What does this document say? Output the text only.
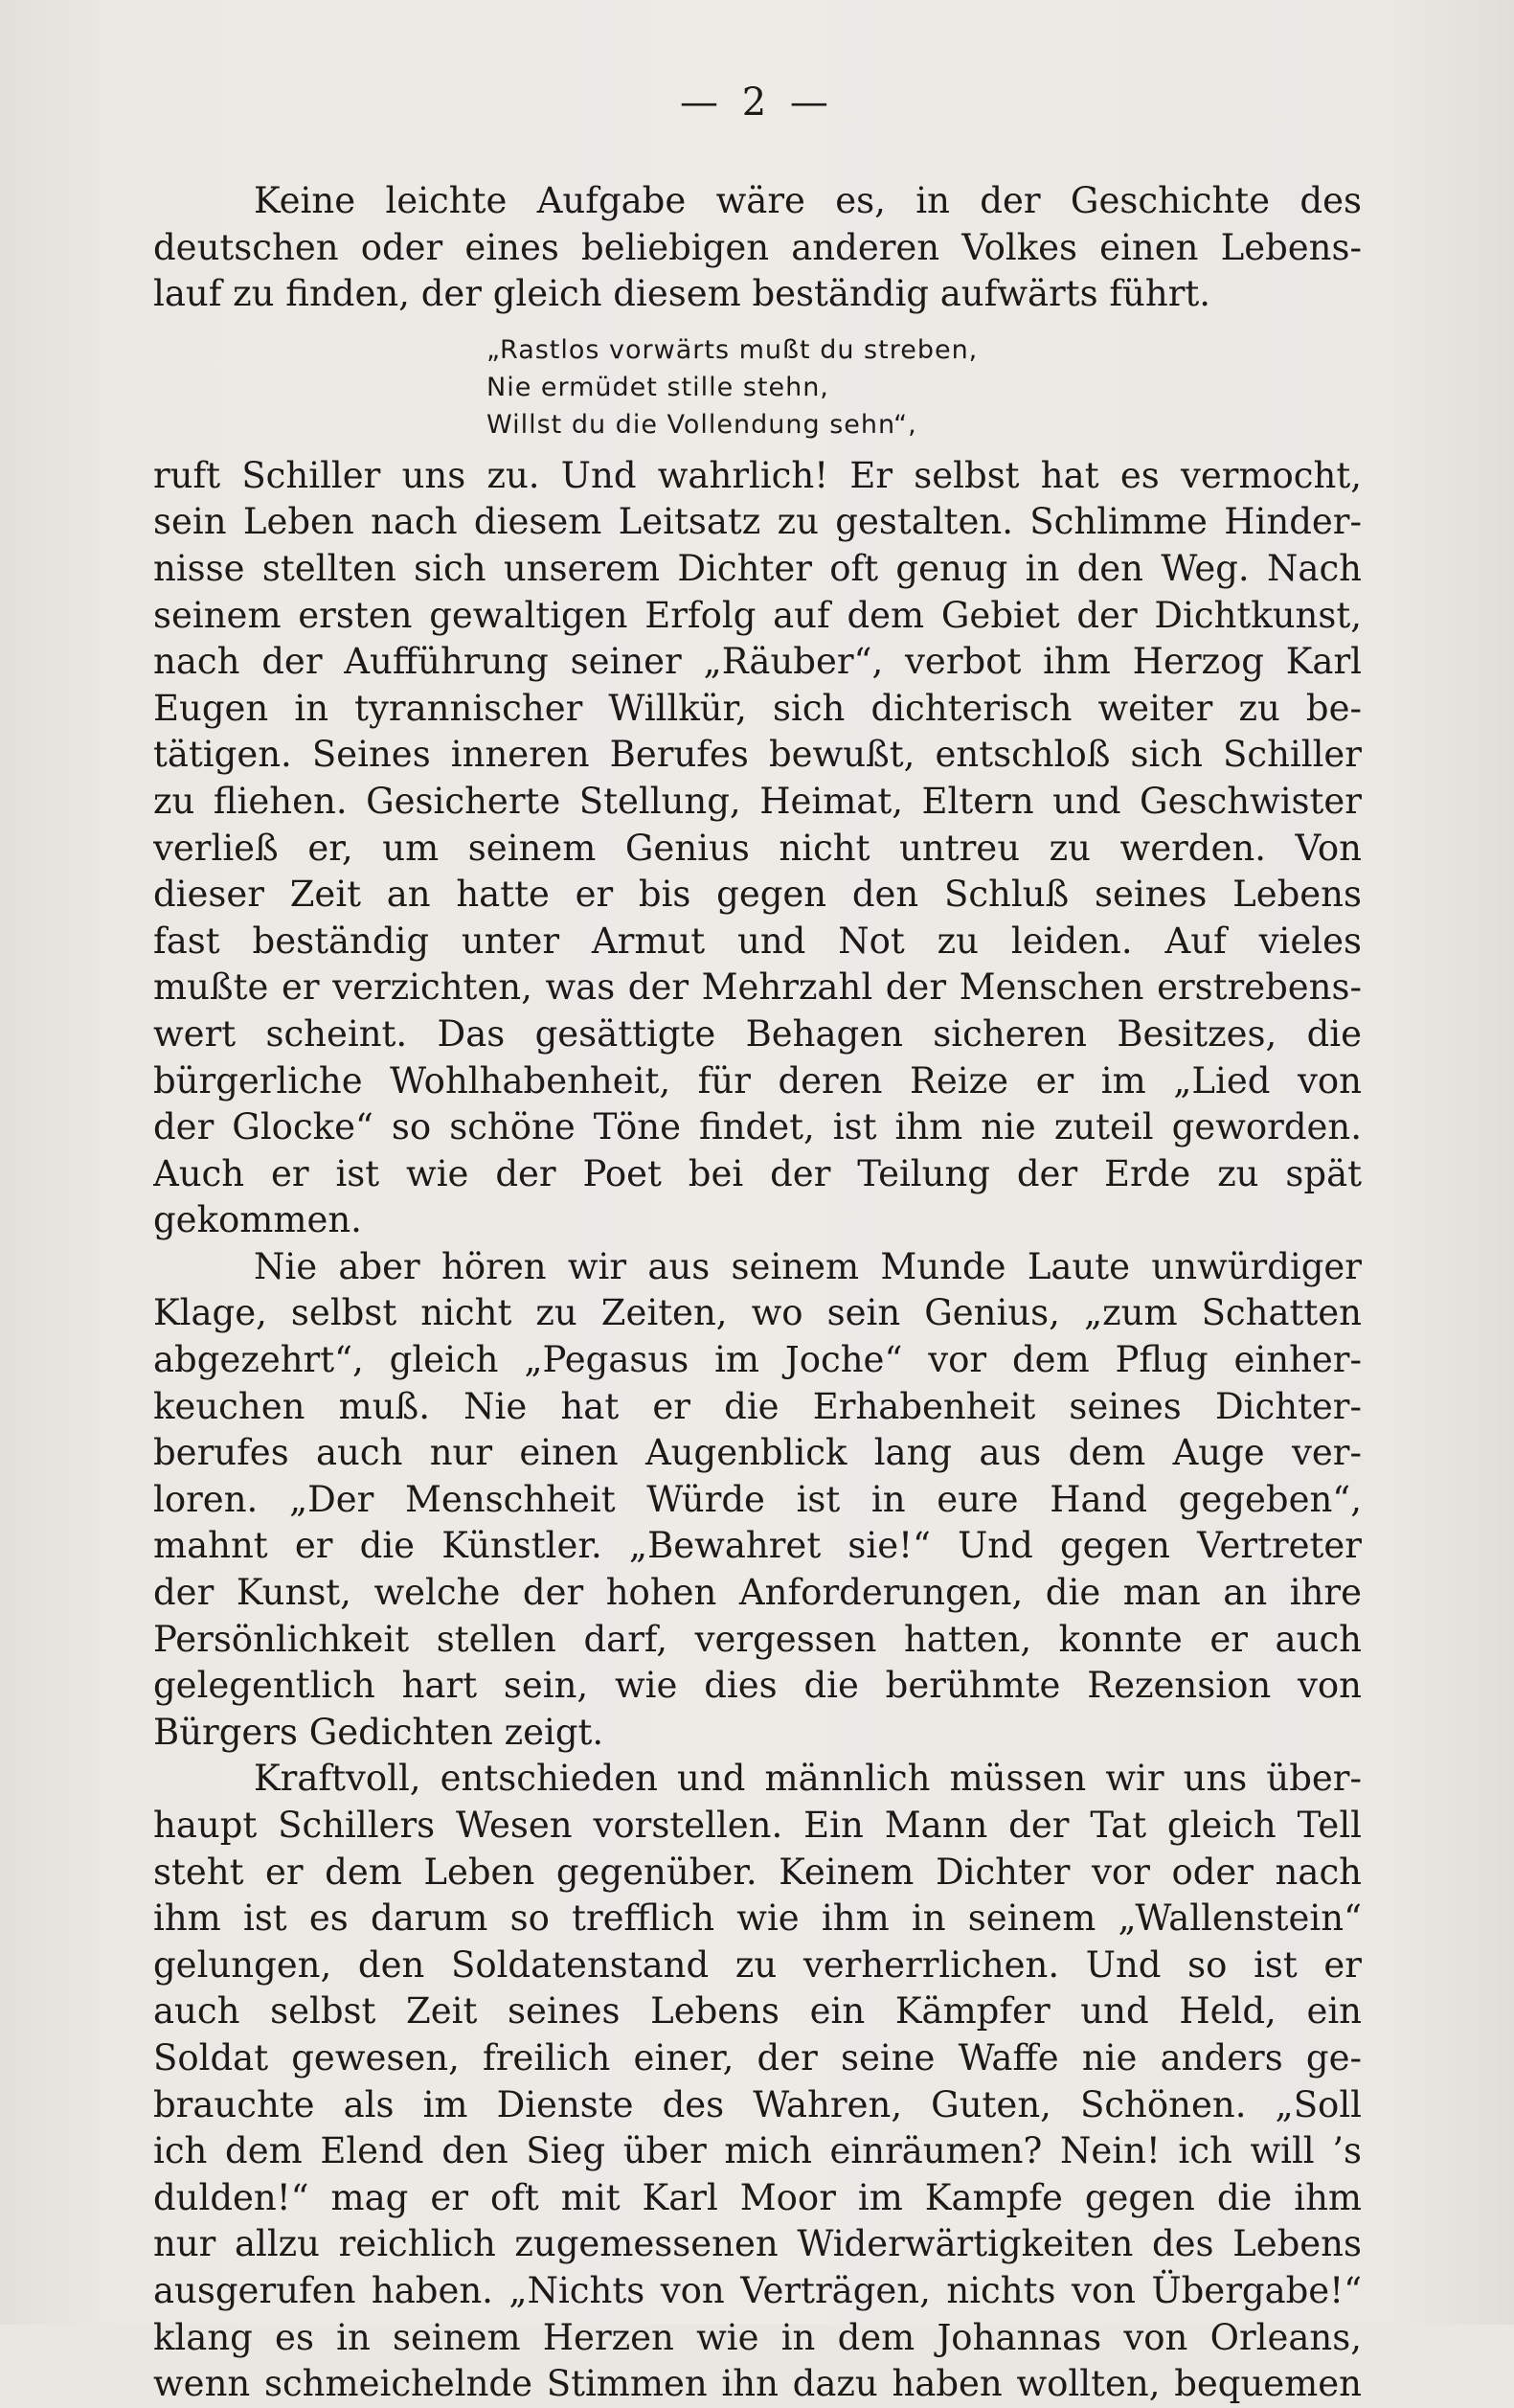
— 2 —

Keine leichte Aufgabe wäre es, in der Geschichte des
deutschen oder eines beliebigen anderen Volkes einen Lebens-
lauf zu finden, der gleich diesem beständig aufwärts führt.

„Rastlos vorwärts mußt du streben,
Nie ermüdet stille stehn,
Willst du die Vollendung sehn“,

ruft Schiller uns zu. Und wahrlich! Er selbst hat es vermocht,
sein Leben nach diesem Leitsatz zu gestalten. Schlimme Hinder-
nisse stellten sich unserem Dichter oft genug in den Weg. Nach
seinem ersten gewaltigen Erfolg auf dem Gebiet der Dichtkunst,
nach der Aufführung seiner „Räuber“, verbot ihm Herzog Karl
Eugen in tyrannischer Willkür, sich dichterisch weiter zu be-
tätigen. Seines inneren Berufes bewußt, entschloß sich Schiller
zu fliehen. Gesicherte Stellung, Heimat, Eltern und Geschwister
verließ er, um seinem Genius nicht untreu zu werden. Von
dieser Zeit an hatte er bis gegen den Schluß seines Lebens
fast beständig unter Armut und Not zu leiden. Auf vieles
mußte er verzichten, was der Mehrzahl der Menschen erstrebens-
wert scheint. Das gesättigte Behagen sicheren Besitzes, die
bürgerliche Wohlhabenheit, für deren Reize er im „Lied von
der Glocke“ so schöne Töne findet, ist ihm nie zuteil geworden.
Auch er ist wie der Poet bei der Teilung der Erde zu spät
gekommen.

Nie aber hören wir aus seinem Munde Laute unwürdiger
Klage, selbst nicht zu Zeiten, wo sein Genius, „zum Schatten
abgezehrt“, gleich „Pegasus im Joche“ vor dem Pflug einher-
keuchen muß. Nie hat er die Erhabenheit seines Dichter-
berufes auch nur einen Augenblick lang aus dem Auge ver-
loren. „Der Menschheit Würde ist in eure Hand gegeben“,
mahnt er die Künstler. „Bewahret sie!“ Und gegen Vertreter
der Kunst, welche der hohen Anforderungen, die man an ihre
Persönlichkeit stellen darf, vergessen hatten, konnte er auch
gelegentlich hart sein, wie dies die berühmte Rezension von
Bürgers Gedichten zeigt.

Kraftvoll, entschieden und männlich müssen wir uns über-
haupt Schillers Wesen vorstellen. Ein Mann der Tat gleich Tell
steht er dem Leben gegenüber. Keinem Dichter vor oder nach
ihm ist es darum so trefflich wie ihm in seinem „Wallenstein“
gelungen, den Soldatenstand zu verherrlichen. Und so ist er
auch selbst Zeit seines Lebens ein Kämpfer und Held, ein
Soldat gewesen, freilich einer, der seine Waffe nie anders ge-
brauchte als im Dienste des Wahren, Guten, Schönen. „Soll
ich dem Elend den Sieg über mich einräumen? Nein! ich will ’s
dulden!“ mag er oft mit Karl Moor im Kampfe gegen die ihm
nur allzu reichlich zugemessenen Widerwärtigkeiten des Lebens
ausgerufen haben. „Nichts von Verträgen, nichts von Übergabe!“
klang es in seinem Herzen wie in dem Johannas von Orleans,
wenn schmeichelnde Stimmen ihn dazu haben wollten, bequemen
